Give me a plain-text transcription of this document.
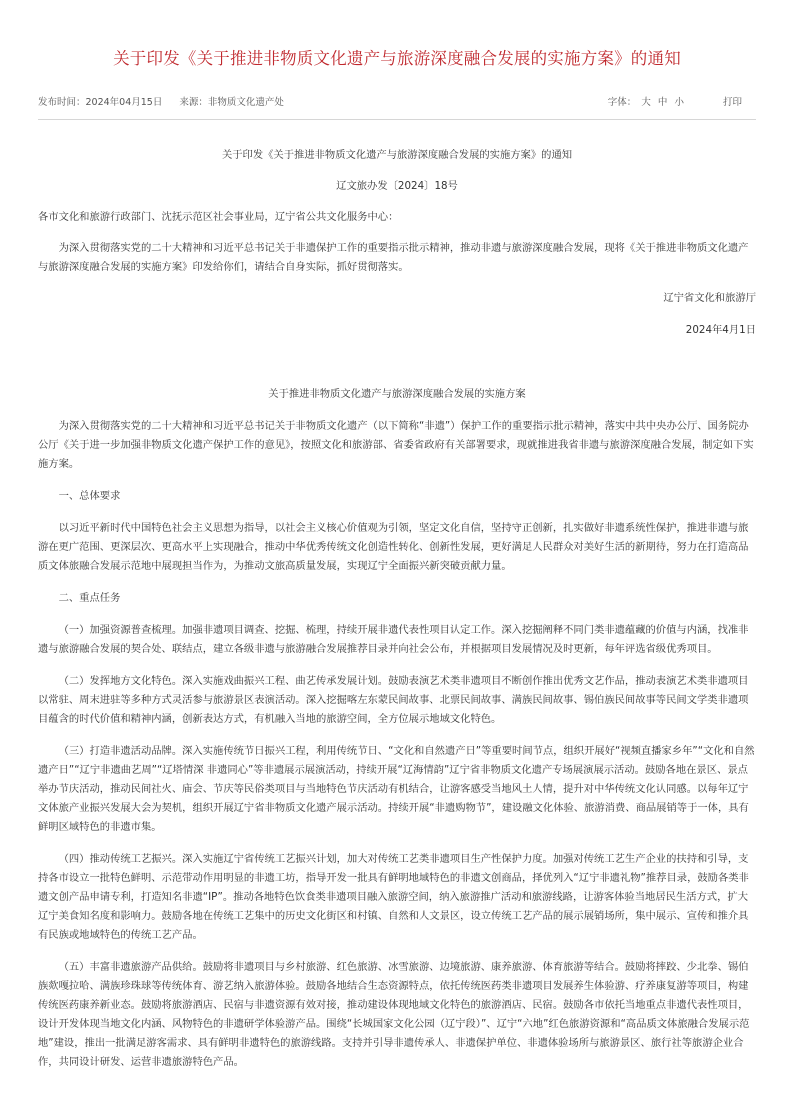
关于印发《关于推进非物质文化遗产与旅游深度融合发展的实施方案》的通知
发布时间：2024年04月15日 来源：非物质文化遗产处	字体： 大 中 小	打印

关于印发《关于推进非物质文化遗产与旅游深度融合发展的实施方案》的通知

辽文旅办发〔2024〕18号

各市文化和旅游行政部门、沈抚示范区社会事业局，辽宁省公共文化服务中心：

为深入贯彻落实党的二十大精神和习近平总书记关于非遗保护工作的重要指示批示精神，推动非遗与旅游深度融合发展，现将《关于推进非物质文化遗产与旅游深度融合发展的实施方案》印发给你们，请结合自身实际，抓好贯彻落实。

辽宁省文化和旅游厅

2024年4月1日

关于推进非物质文化遗产与旅游深度融合发展的实施方案

为深入贯彻落实党的二十大精神和习近平总书记关于非物质文化遗产（以下简称“非遗”）保护工作的重要指示批示精神，落实中共中央办公厅、国务院办公厅《关于进一步加强非物质文化遗产保护工作的意见》，按照文化和旅游部、省委省政府有关部署要求，现就推进我省非遗与旅游深度融合发展，制定如下实施方案。

一、总体要求

以习近平新时代中国特色社会主义思想为指导，以社会主义核心价值观为引领，坚定文化自信，坚持守正创新，扎实做好非遗系统性保护，推进非遗与旅游在更广范围、更深层次、更高水平上实现融合，推动中华优秀传统文化创造性转化、创新性发展，更好满足人民群众对美好生活的新期待，努力在打造高品质文体旅融合发展示范地中展现担当作为，为推动文旅高质量发展，实现辽宁全面振兴新突破贡献力量。

二、重点任务

（一）加强资源普查梳理。加强非遗项目调查、挖掘、梳理，持续开展非遗代表性项目认定工作。深入挖掘阐释不同门类非遗蕴藏的价值与内涵，找准非遗与旅游融合发展的契合处、联结点，建立各级非遗与旅游融合发展推荐目录并向社会公布，并根据项目发展情况及时更新，每年评选省级优秀项目。

（二）发挥地方文化特色。深入实施戏曲振兴工程、曲艺传承发展计划。鼓励表演艺术类非遗项目不断创作推出优秀文艺作品，推动表演艺术类非遗项目以常驻、周末进驻等多种方式灵活参与旅游景区表演活动。深入挖掘喀左东蒙民间故事、北票民间故事、满族民间故事、锡伯族民间故事等民间文学类非遗项目蕴含的时代价值和精神内涵，创新表达方式，有机融入当地的旅游空间，全方位展示地域文化特色。

（三）打造非遗活动品牌。深入实施传统节日振兴工程，利用传统节日、“文化和自然遗产日”等重要时间节点，组织开展好“视频直播家乡年”“文化和自然遗产日”“辽宁非遗曲艺周”“辽塔情深 非遗同心”等非遗展示展演活动，持续开展“辽海情韵”辽宁省非物质文化遗产专场展演展示活动。鼓励各地在景区、景点举办节庆活动，推动民间社火、庙会、节庆等民俗类项目与当地特色节庆活动有机结合，让游客感受当地风土人情，提升对中华传统文化认同感。以每年辽宁文体旅产业振兴发展大会为契机，组织开展辽宁省非物质文化遗产展示活动。持续开展“非遗购物节”，建设融文化体验、旅游消费、商品展销等于一体，具有鲜明区域特色的非遗市集。

（四）推动传统工艺振兴。深入实施辽宁省传统工艺振兴计划，加大对传统工艺类非遗项目生产性保护力度。加强对传统工艺生产企业的扶持和引导，支持各市设立一批特色鲜明、示范带动作用明显的非遗工坊，指导开发一批具有鲜明地域特色的非遗文创商品，择优列入“辽宁非遗礼物”推荐目录，鼓励各类非遗文创产品申请专利，打造知名非遗“IP”。推动各地特色饮食类非遗项目融入旅游空间，纳入旅游推广活动和旅游线路，让游客体验当地居民生活方式，扩大辽宁美食知名度和影响力。鼓励各地在传统工艺集中的历史文化街区和村镇、自然和人文景区，设立传统工艺产品的展示展销场所，集中展示、宣传和推介具有民族或地域特色的传统工艺产品。

（五）丰富非遗旅游产品供给。鼓励将非遗项目与乡村旅游、红色旅游、冰雪旅游、边境旅游、康养旅游、体育旅游等结合。鼓励将摔跤、少北拳、锡伯族欻嘎拉哈、满族珍珠球等传统体育、游艺纳入旅游体验。鼓励各地结合生态资源特点，依托传统医药类非遗项目发展养生体验游、疗养康复游等项目，构建传统医药康养新业态。鼓励将旅游酒店、民宿与非遗资源有效对接，推动建设体现地域文化特色的旅游酒店、民宿。鼓励各市依托当地重点非遗代表性项目，设计开发体现当地文化内涵、风物特色的非遗研学体验游产品。围绕“长城国家文化公园（辽宁段）”、辽宁“六地”红色旅游资源和“高品质文体旅融合发展示范地”建设，推出一批满足游客需求、具有鲜明非遗特色的旅游线路。支持并引导非遗传承人、非遗保护单位、非遗体验场所与旅游景区、旅行社等旅游企业合作，共同设计研发、运营非遗旅游特色产品。
